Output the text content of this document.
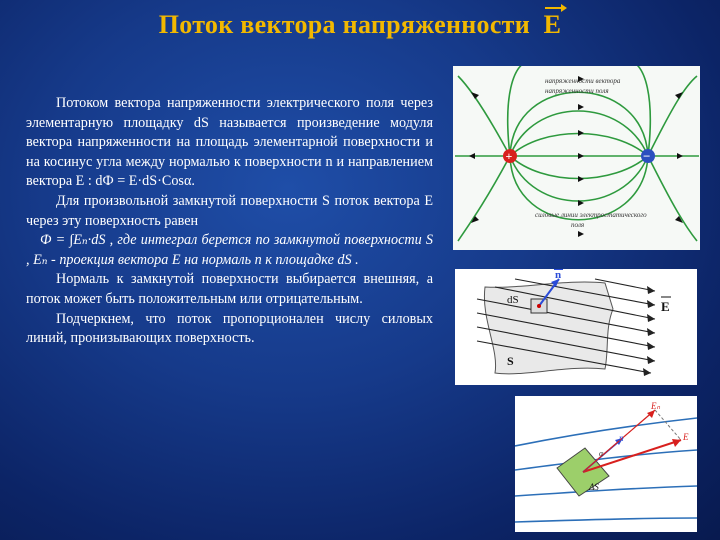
Поток вектора напряженности E

Потоком вектора напряженности электрического поля через элементарную площадку dS называется произведение модуля вектора напряженности на площадь элементарной поверхности и на косинус угла между нормалью к поверхности n и направлением вектора E : dФ = E·dS·Cosα.

Для произвольной замкнутой поверхности S поток вектора E через эту поверхность равен

Ф = ∫Eₙ·dS , где интеграл берется по замкнутой поверхности S , Eₙ - проекция вектора E на нормаль n к площадке dS .

Нормаль к замкнутой поверхности выбирается внешняя, а поток может быть положительным или отрицательным.

Подчеркнем, что поток пропорционален числу силовых линий, пронизывающих поверхность.

напряженности вектора
напряженности поля
силовые линии электростатического
поля
+	−
dS
n
E
S
Eₙ
n	E
α
ΔS
